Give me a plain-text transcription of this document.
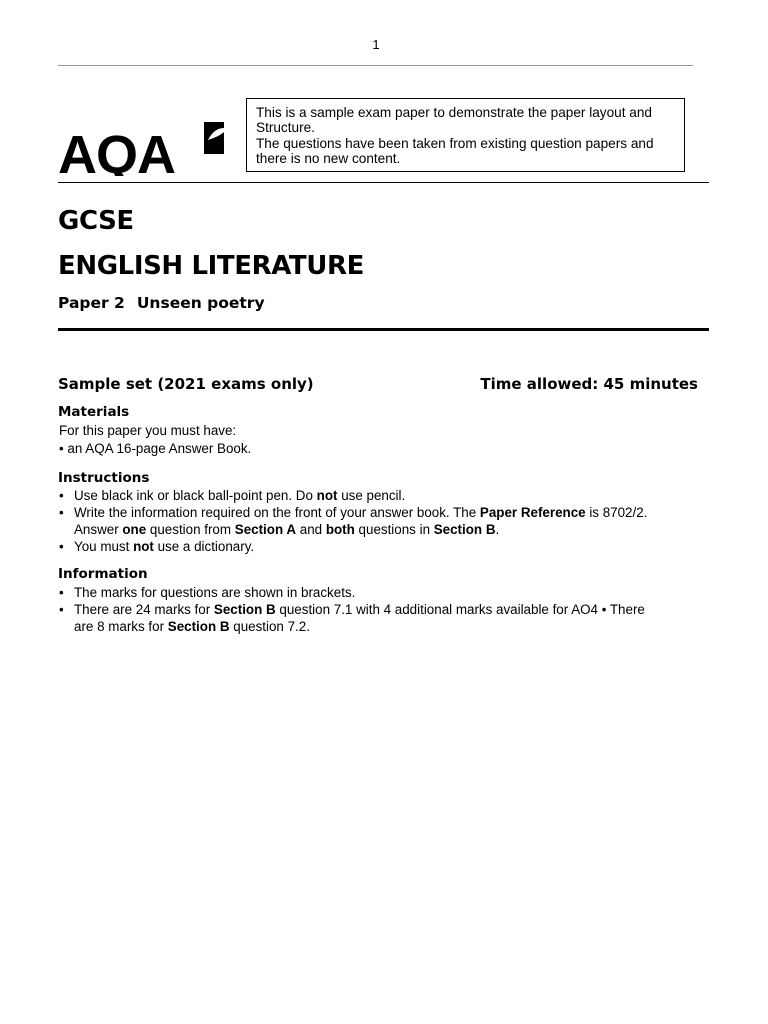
1
AQA
This is a sample exam paper to demonstrate the paper layout and
Structure.
The questions have been taken from existing question papers and
there is no new content.
GCSE
ENGLISH LITERATURE
Paper 2 Unseen poetry
Sample set (2021 exams only)	Time allowed: 45 minutes
Materials
For this paper you must have:
• an AQA 16-page Answer Book.
Instructions
• Use black ink or black ball-point pen. Do not use pencil.
• Write the information required on the front of your answer book. The Paper Reference is 8702/2.
Answer one question from Section A and both questions in Section B.
• You must not use a dictionary.
Information
• The marks for questions are shown in brackets.
• There are 24 marks for Section B question 7.1 with 4 additional marks available for AO4 • There
are 8 marks for Section B question 7.2.
